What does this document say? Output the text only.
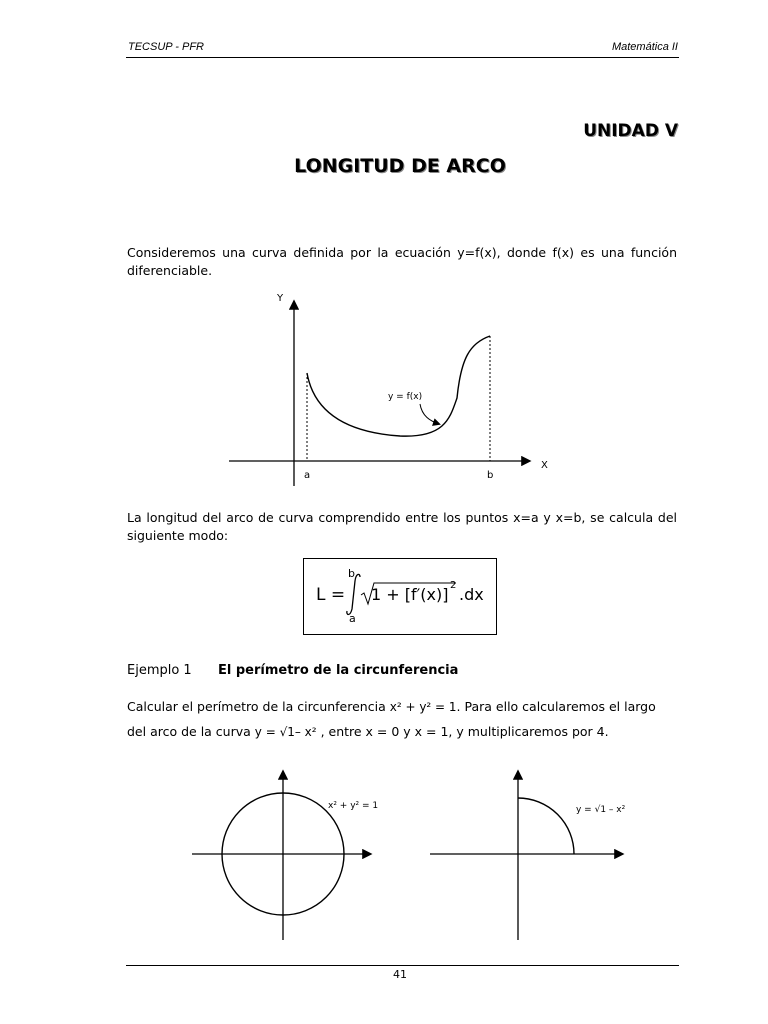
TECSUP - PFR	Matemática II
UNIDAD V
LONGITUD DE ARCO
Consideremos una curva definida por la ecuación y=f(x), donde f(x) es una función diferenciable.
Y
X
a	b
y = f(x)
La longitud del arco de curva comprendido entre los puntos x=a y x=b, se calcula del siguiente modo:
L =
b
a
1 + [f′(x)] 2 .dx
Ejemplo 1 El perímetro de la circunferencia
Calcular el perímetro de la circunferencia x² + y² = 1. Para ello calcularemos el largo
del arco de la curva y = √1– x² , entre x = 0 y x = 1, y multiplicaremos por 4.
x² + y² = 1	y = √1 – x²
41
